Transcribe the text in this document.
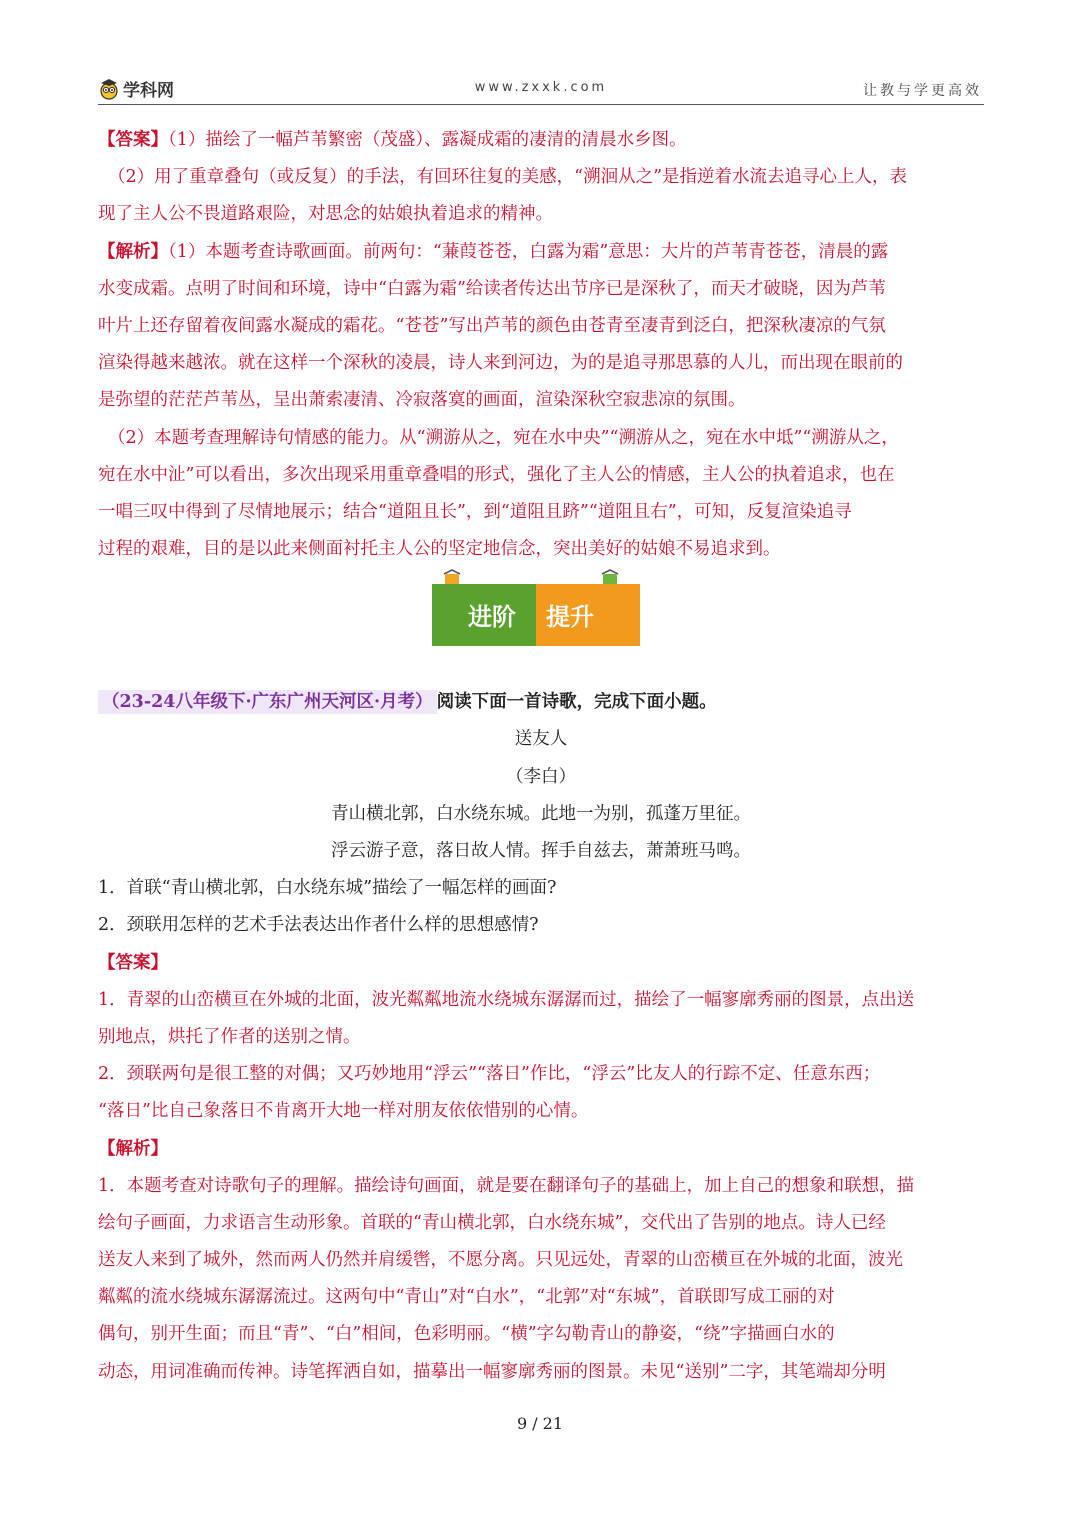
学科网	www.zxxk.com	让教与学更高效
【答案】（1）描绘了一幅芦苇繁密（茂盛）、露凝成霜的凄清的清晨水乡图。
（2）用了重章叠句（或反复）的手法，有回环往复的美感，“溯洄从之”是指逆着水流去追寻心上人，表
现了主人公不畏道路艰险，对思念的姑娘执着追求的精神。
【解析】（1）本题考查诗歌画面。前两句：“蒹葭苍苍，白露为霜”意思：大片的芦苇青苍苍，清晨的露
水变成霜。点明了时间和环境，诗中“白露为霜”给读者传达出节序已是深秋了，而天才破晓，因为芦苇
叶片上还存留着夜间露水凝成的霜花。“苍苍”写出芦苇的颜色由苍青至凄青到泛白，把深秋凄凉的气氛
渲染得越来越浓。就在这样一个深秋的凌晨，诗人来到河边，为的是追寻那思慕的人儿，而出现在眼前的
是弥望的茫茫芦苇丛，呈出萧索凄清、冷寂落寞的画面，渲染深秋空寂悲凉的氛围。
（2）本题考查理解诗句情感的能力。从“溯游从之，宛在水中央”“溯游从之，宛在水中坻”“溯游从之，
宛在水中沚”可以看出，多次出现采用重章叠唱的形式，强化了主人公的情感，主人公的执着追求，也在
一唱三叹中得到了尽情地展示；结合“道阻且长”，到“道阻且跻”“道阻且右”，可知，反复渲染追寻
过程的艰难，目的是以此来侧面衬托主人公的坚定地信念，突出美好的姑娘不易追求到。
进阶 提升
（23-24八年级下·广东广州天河区·月考） 阅读下面一首诗歌，完成下面小题。
送友人
（李白）
青山横北郭，白水绕东城。此地一为别，孤蓬万里征。
浮云游子意，落日故人情。挥手自兹去，萧萧班马鸣。
1．首联“青山横北郭，白水绕东城”描绘了一幅怎样的画面?
2．颈联用怎样的艺术手法表达出作者什么样的思想感情?
【答案】
1．青翠的山峦横亘在外城的北面，波光粼粼地流水绕城东潺潺而过，描绘了一幅寥廓秀丽的图景，点出送
别地点，烘托了作者的送别之情。
2．颈联两句是很工整的对偶；又巧妙地用“浮云”“落日”作比，“浮云”比友人的行踪不定、任意东西；
“落日”比自己象落日不肯离开大地一样对朋友依依惜别的心情。
【解析】
1．本题考查对诗歌句子的理解。描绘诗句画面，就是要在翻译句子的基础上，加上自己的想象和联想，描
绘句子画面，力求语言生动形象。首联的“青山横北郭，白水绕东城”，交代出了告别的地点。诗人已经
送友人来到了城外，然而两人仍然并肩缓辔，不愿分离。只见远处，青翠的山峦横亘在外城的北面，波光
粼粼的流水绕城东潺潺流过。这两句中“青山”对“白水”，“北郭”对“东城”，首联即写成工丽的对
偶句，别开生面；而且“青”、“白”相间，色彩明丽。“横”字勾勒青山的静姿，“绕”字描画白水的
动态，用词准确而传神。诗笔挥洒自如，描摹出一幅寥廓秀丽的图景。未见“送别”二字，其笔端却分明
9 / 21
